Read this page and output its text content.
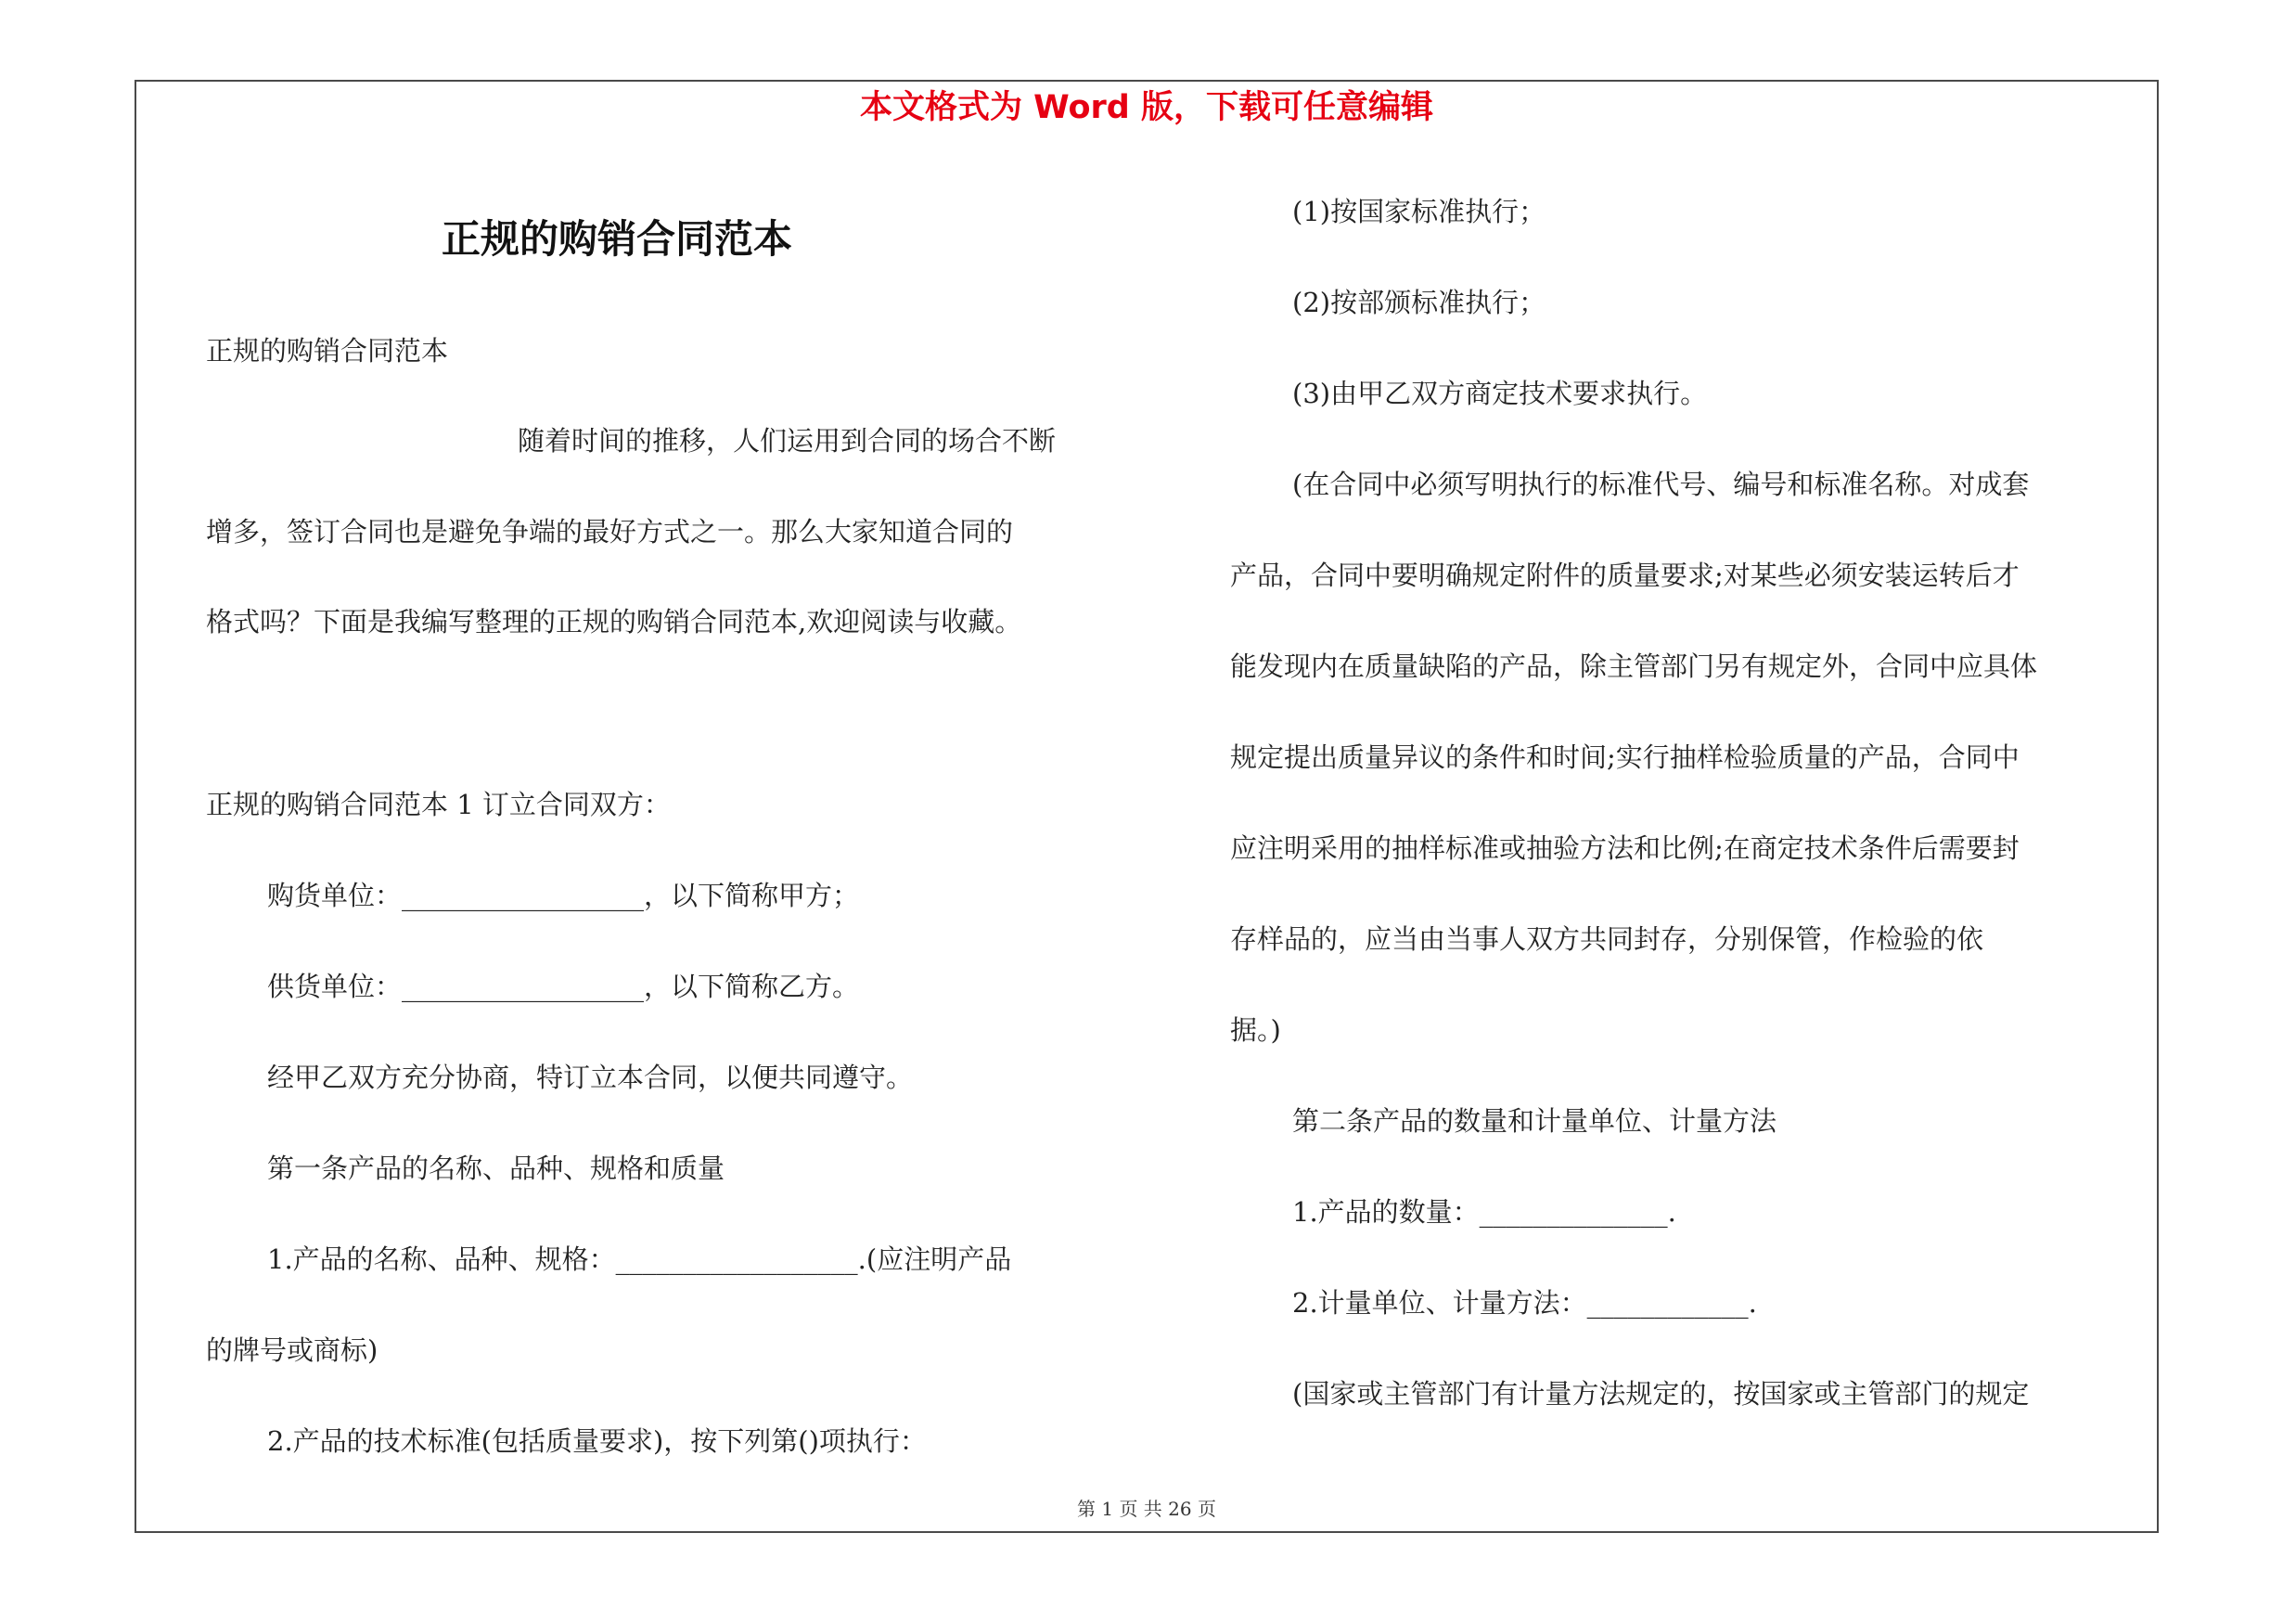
本文格式为 Word 版，下载可任意编辑
正规的购销合同范本
正规的购销合同范本
随着时间的推移，人们运用到合同的场合不断
增多，签订合同也是避免争端的最好方式之一。那么大家知道合同的
格式吗？下面是我编写整理的正规的购销合同范本,欢迎阅读与收藏。
正规的购销合同范本 1 订立合同双方：
购货单位：__________________，以下简称甲方；
供货单位：__________________，以下简称乙方。
经甲乙双方充分协商，特订立本合同，以便共同遵守。
第一条产品的名称、品种、规格和质量
1.产品的名称、品种、规格：__________________.(应注明产品
的牌号或商标)
2.产品的技术标准(包括质量要求)，按下列第()项执行：
(1)按国家标准执行；
(2)按部颁标准执行；
(3)由甲乙双方商定技术要求执行。
(在合同中必须写明执行的标准代号、编号和标准名称。对成套
产品，合同中要明确规定附件的质量要求;对某些必须安装运转后才
能发现内在质量缺陷的产品，除主管部门另有规定外，合同中应具体
规定提出质量异议的条件和时间;实行抽样检验质量的产品，合同中
应注明采用的抽样标准或抽验方法和比例;在商定技术条件后需要封
存样品的，应当由当事人双方共同封存，分别保管，作检验的依
据。)
第二条产品的数量和计量单位、计量方法
1.产品的数量：______________.
2.计量单位、计量方法：____________.
(国家或主管部门有计量方法规定的，按国家或主管部门的规定
第 1 页 共 26 页
